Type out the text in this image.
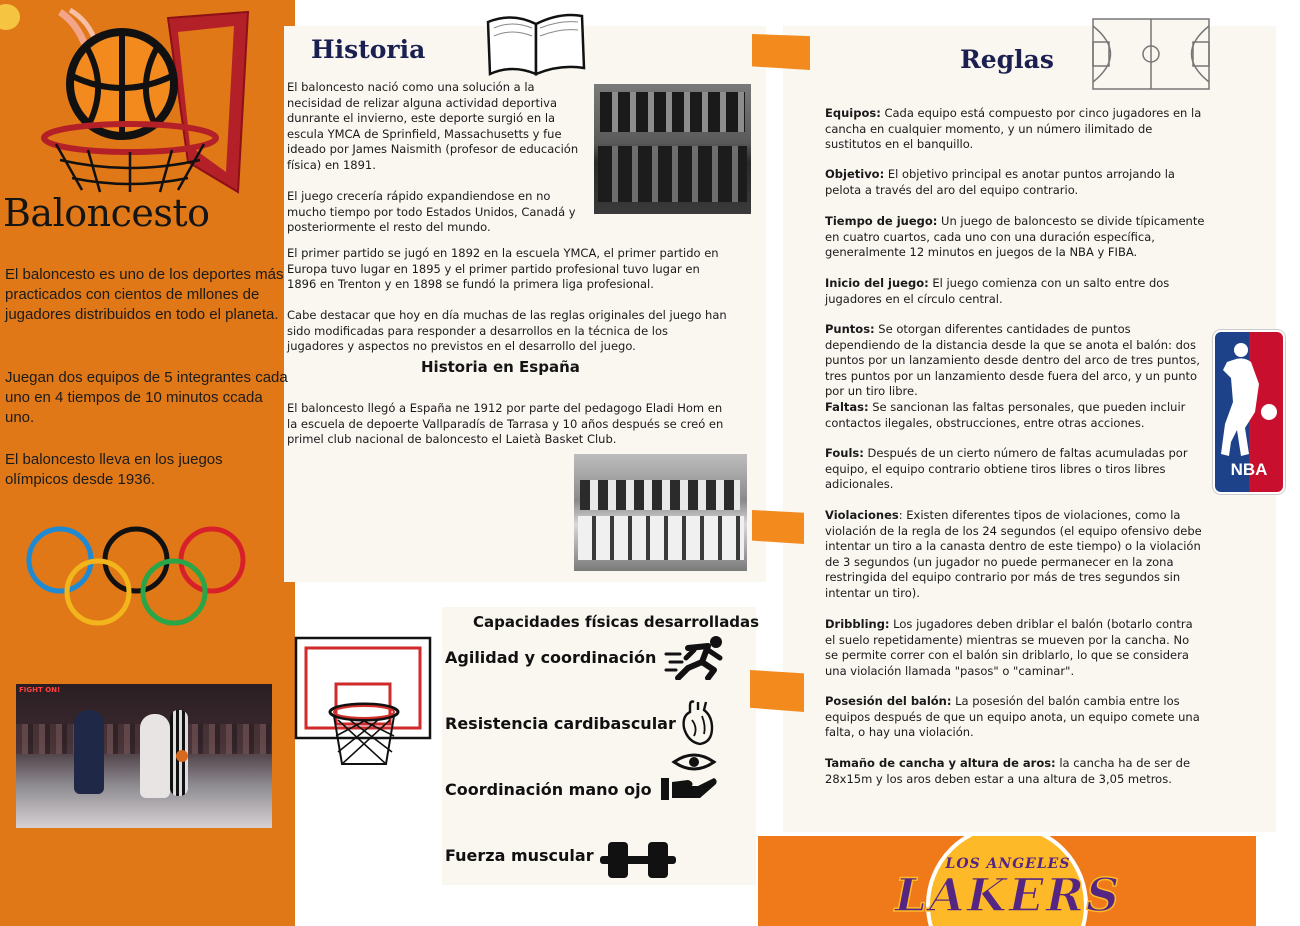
Baloncesto
El baloncesto es uno de los deportes más practicados con cientos de mllones de jugadores distribuidos en todo el planeta.
Juegan dos equipos de 5 integrantes cada uno en 4 tiempos de 10 minutos ccada uno.
El baloncesto lleva en los juegos olímpicos desde 1936.
FIGHT ON!
Historia
El baloncesto nació como una solución a la necisidad de relizar alguna actividad deportiva dunrante el invierno, este deporte surgió en la escula YMCA de Sprinfield, Massachusetts y fue ideado por James Naismith (profesor de educación física) en 1891.
El juego crecería rápido expandiendose en no mucho tiempo por todo Estados Unidos, Canadá y posteriormente el resto del mundo.
El primer partido se jugó en 1892 en la escuela YMCA, el primer partido en Europa tuvo lugar en 1895 y el primer partido profesional tuvo lugar en 1896 en Trenton y en 1898 se fundó la primera liga profesional.
Cabe destacar que hoy en día muchas de las reglas originales del juego han sido modificadas para responder a desarrollos en la técnica de los jugadores y aspectos no previstos en el desarrollo del juego.
Historia en España
El baloncesto llegó a España ne 1912 por parte del pedagogo Eladi Hom en la escuela de depoerte Vallparadís de Tarrasa y 10 años después se creó en primel club nacional de baloncesto el Laietà Basket Club.
Capacidades físicas desarrolladas
Agilidad y coordinación
Resistencia cardibascular
Coordinación mano ojo
Fuerza muscular
Reglas
Equipos: Cada equipo está compuesto por cinco jugadores en la cancha en cualquier momento, y un número ilimitado de sustitutos en el banquillo.
Objetivo: El objetivo principal es anotar puntos arrojando la pelota a través del aro del equipo contrario.
Tiempo de juego: Un juego de baloncesto se divide típicamente en cuatro cuartos, cada uno con una duración específica, generalmente 12 minutos en juegos de la NBA y FIBA.
Inicio del juego: El juego comienza con un salto entre dos jugadores en el círculo central.
Puntos: Se otorgan diferentes cantidades de puntos dependiendo de la distancia desde la que se anota el balón: dos puntos por un lanzamiento desde dentro del arco de tres puntos, tres puntos por un lanzamiento desde fuera del arco, y un punto por un tiro libre.
Faltas: Se sancionan las faltas personales, que pueden incluir contactos ilegales, obstrucciones, entre otras acciones.
Fouls: Después de un cierto número de faltas acumuladas por equipo, el equipo contrario obtiene tiros libres o tiros libres adicionales.
Violaciones: Existen diferentes tipos de violaciones, como la violación de la regla de los 24 segundos (el equipo ofensivo debe intentar un tiro a la canasta dentro de este tiempo) o la violación de 3 segundos (un jugador no puede permanecer en la zona restringida del equipo contrario por más de tres segundos sin intentar un tiro).
Dribbling: Los jugadores deben driblar el balón (botarlo contra el suelo repetidamente) mientras se mueven por la cancha. No se permite correr con el balón sin driblarlo, lo que se considera una violación llamada "pasos" o "caminar".
Posesión del balón: La posesión del balón cambia entre los equipos después de que un equipo anota, un equipo comete una falta, o hay una violación.
Tamaño de cancha y altura de aros: la cancha ha de ser de 28x15m y los aros deben estar a una altura de 3,05 metros.
NBA
LOS ANGELES
LAKERS
